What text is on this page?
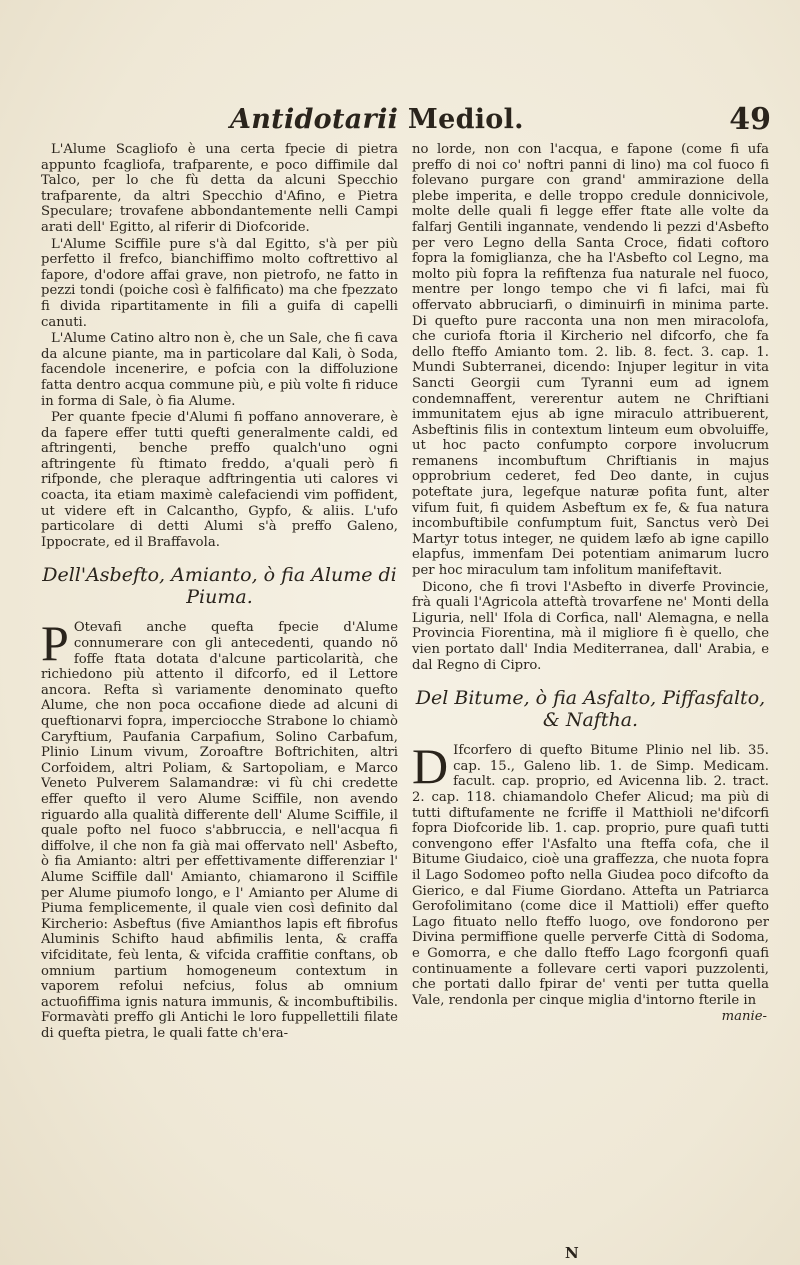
Antidotarii Mediol.	49

L'Alume Scagliofo è una certa fpecie di pietra appunto fcagliofa, trafparente, e poco diffimile dal Talco, per lo che fù detta da alcuni Specchio trafparente, da altri Specchio d'Afino, e Pietra Speculare; trovafene abbondantemente nelli Campi arati dell' Egitto, al riferir di Diofcoride.

L'Alume Sciffile pure s'à dal Egitto, s'à per più perfetto il frefco, bianchiffimo molto coftrettivo al fapore, d'odore affai grave, non pietrofo, ne fatto in pezzi tondi (poiche così è falfificato) ma che fpezzato fi divida ripartitamente in fili a guifa di capelli canuti.

L'Alume Catino altro non è, che un Sale, che fi cava da alcune piante, ma in particolare dal Kali, ò Soda, facendole incenerire, e pofcia con la diffoluzione fatta dentro acqua commune più, e più volte fi riduce in forma di Sale, ò fia Alume.

Per quante fpecie d'Alumi fi poffano annoverare, è da fapere effer tutti quefti generalmente caldi, ed aftringenti, benche preffo qualch'uno ogni aftringente fù ftimato freddo, a'quali però fi rifponde, che pleraque adftringentia uti calores vi coacta, ita etiam maximè calefaciendi vim poffident, ut videre eft in Calcantho, Gypfo, & aliis. L'ufo particolare di detti Alumi s'à preffo Galeno, Ippocrate, ed il Braffavola.

Dell'Asbefto, Amianto, ò fia Alume di Piuma.

P Otevafi anche quefta fpecie d'Alume connumerare con gli antecedenti, quando nõ foffe ftata dotata d'alcune particolarità, che richiedono più attento il difcorfo, ed il Lettore ancora. Refta sì variamente denominato quefto Alume, che non poca occafione diede ad alcuni di queftionarvi fopra, imperciocche Strabone lo chiamò Caryftium, Paufania Carpafium, Solino Carbafum, Plinio Linum vivum, Zoroaftre Boftrichiten, altri Corfoidem, altri Poliam, & Sartopoliam, e Marco Veneto Pulverem Salamandræ: vi fù chi credette effer quefto il vero Alume Sciffile, non avendo riguardo alla qualità differente dell' Alume Sciffile, il quale pofto nel fuoco s'abbruccia, e nell'acqua fi diffolve, il che non fa già mai offervato nell' Asbefto, ò fia Amianto: altri per effettivamente differenziar l' Alume Sciffile dall' Amianto, chiamarono il Sciffile per Alume piumofo longo, e l' Amianto per Alume di Piuma femplicemente, il quale vien così definito dal Kircherio: Asbeftus (five Amianthos lapis eft fibrofus Aluminis Schifto haud abfimilis lenta, & craffa vifciditate, feù lenta, & vifcida craffitie conftans, ob omnium partium homogeneum contextum in vaporem refolui nefcius, folus ab omnium actuofiffima ignis natura immunis, & incombuftibilis. Formavàti preffo gli Antichi le loro fuppellettili filate di quefta pietra, le quali fatte ch'era-

no lorde, non con l'acqua, e fapone (come fi ufa preffo di noi co' noftri panni di lino) ma col fuoco fi folevano purgare con grand' ammirazione della plebe imperita, e delle troppo credule donnicivole, molte delle quali fi legge effer ftate alle volte da falfarj Gentili ingannate, vendendo li pezzi d'Asbefto per vero Legno della Santa Croce, fidati coftoro fopra la fomiglianza, che ha l'Asbefto col Legno, ma molto più fopra la refiftenza fua naturale nel fuoco, mentre per longo tempo che vi fi lafci, mai fù offervato abbruciarfi, o diminuirfi in minima parte. Di quefto pure racconta una non men miracolofa, che curiofa ftoria il Kircherio nel difcorfo, che fa dello fteffo Amianto tom. 2. lib. 8. fect. 3. cap. 1. Mundi Subterranei, dicendo: Injuper legitur in vita Sancti Georgii cum Tyranni eum ad ignem condemnaffent, vererentur autem ne Chriftiani immunitatem ejus ab igne miraculo attribuerent, Asbeftinis filis in contextum linteum eum obvoluiffe, ut hoc pacto confumpto corpore involucrum remanens incombuftum Chriftianis in majus opprobrium cederet, fed Deo dante, in cujus poteftate jura, legefque naturæ pofita funt, alter vifum fuit, fi quidem Asbeftum ex fe, & fua natura incombuftibile confumptum fuit, Sanctus verò Dei Martyr totus integer, ne quidem læfo ab igne capillo elapfus, immenfam Dei potentiam animarum lucro per hoc miraculum tam infolitum manifeftavit.

Dicono, che fi trovi l'Asbefto in diverfe Provincie, frà quali l'Agricola atteftà trovarfene ne' Monti della Liguria, nell' Ifola di Corfica, nall' Alemagna, e nella Provincia Fiorentina, mà il migliore fi è quello, che vien portato dall' India Mediterranea, dall' Arabia, e dal Regno di Cipro.

Del Bitume, ò fia Asfalto, Piffasfalto, & Naftha.

D Ifcorfero di quefto Bitume Plinio nel lib. 35. cap. 15., Galeno lib. 1. de Simp. Medicam. facult. cap. proprio, ed Avicenna lib. 2. tract. 2. cap. 118. chiamandolo Chefer Alicud; ma più di tutti diftufamente ne fcriffe il Matthioli ne'difcorfi fopra Diofcoride lib. 1. cap. proprio, pure quafi tutti convengono effer l'Asfalto una fteffa cofa, che il Bitume Giudaico, cioè una graffezza, che nuota fopra il Lago Sodomeo pofto nella Giudea poco difcofto da Gierico, e dal Fiume Giordano. Attefta un Patriarca Gerofolimitano (come dice il Mattioli) effer quefto Lago fituato nello fteffo luogo, ove fondorono per Divina permiffione quelle perverfe Città di Sodoma, e Gomorra, e che dallo fteffo Lago fcorgonfi quafi continuamente a follevare certi vapori puzzolenti, che portati dallo fpirar de' venti per tutta quella Vale, rendonla per cinque miglia d'intorno fterile in

manie-
N
